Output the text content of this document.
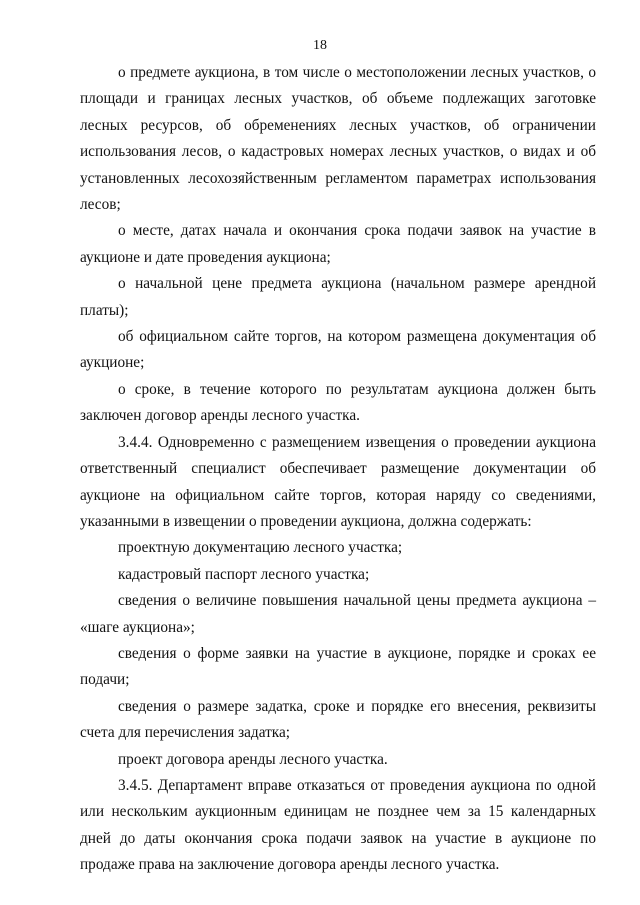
18

о предмете аукциона, в том числе о местоположении лесных участков, о площади и границах лесных участков, об объеме подлежащих заготовке лесных ресурсов, об обременениях лесных участков, об ограничении использования лесов, о кадастровых номерах лесных участков, о видах и об установленных лесохозяйственным регламентом параметрах использования лесов;

о месте, датах начала и окончания срока подачи заявок на участие в аукционе и дате проведения аукциона;

о начальной цене предмета аукциона (начальном размере арендной платы);

об официальном сайте торгов, на котором размещена документация об аукционе;

о сроке, в течение которого по результатам аукциона должен быть заключен договор аренды лесного участка.

3.4.4. Одновременно с размещением извещения о проведении аукциона ответственный специалист обеспечивает размещение документации об аукционе на официальном сайте торгов, которая наряду со сведениями, указанными в извещении о проведении аукциона, должна содержать:

проектную документацию лесного участка;

кадастровый паспорт лесного участка;

сведения о величине повышения начальной цены предмета аукциона – «шаге аукциона»;

сведения о форме заявки на участие в аукционе, порядке и сроках ее подачи;

сведения о размере задатка, сроке и порядке его внесения, реквизиты счета для перечисления задатка;

проект договора аренды лесного участка.

3.4.5. Департамент вправе отказаться от проведения аукциона по одной или нескольким аукционным единицам не позднее чем за 15 календарных дней до даты окончания срока подачи заявок на участие в аукционе по продаже права на заключение договора аренды лесного участка.
